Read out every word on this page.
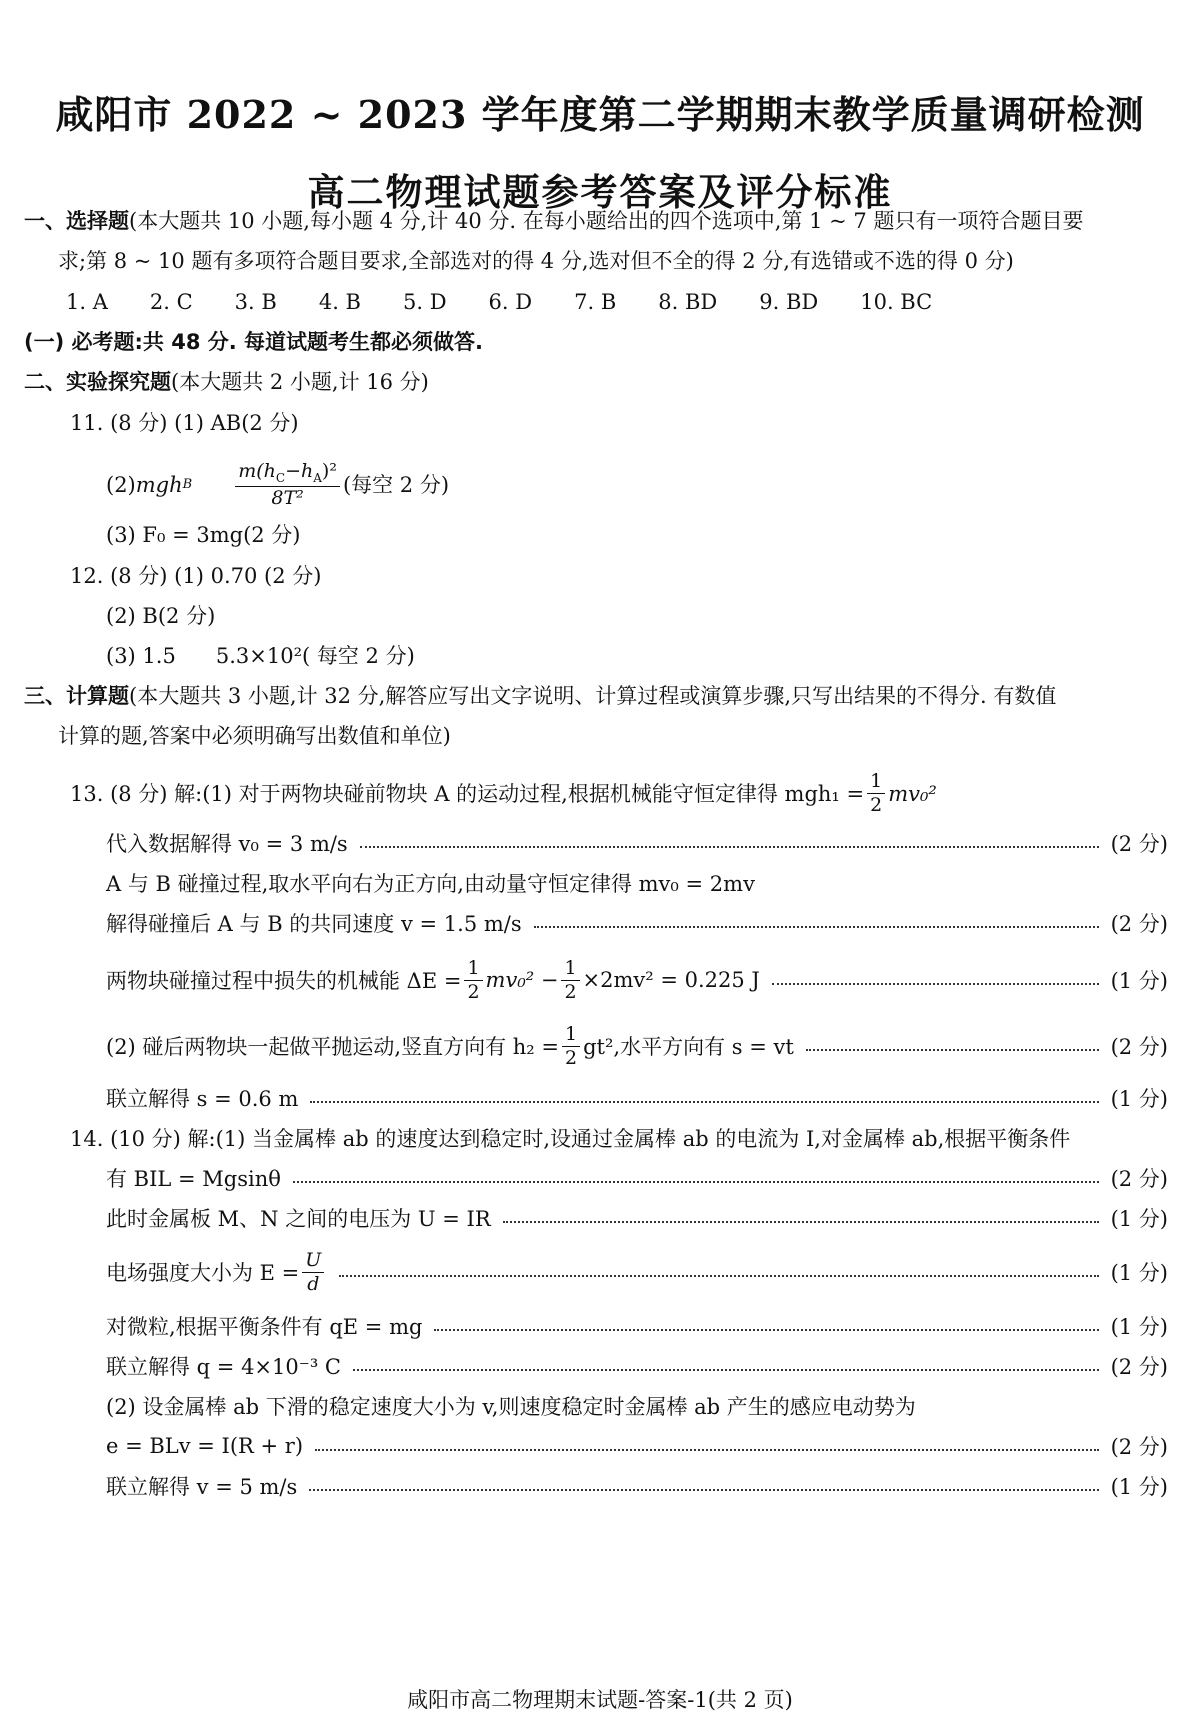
咸阳市 2022 ~ 2023 学年度第二学期期末教学质量调研检测
高二物理试题参考答案及评分标准
一、选择题(本大题共 10 小题,每小题 4 分,计 40 分. 在每小题给出的四个选项中,第 1 ~ 7 题只有一项符合题目要
求;第 8 ~ 10 题有多项符合题目要求,全部选对的得 4 分,选对但不全的得 2 分,有选错或不选的得 0 分)
1. A 2. C 3. B 4. B 5. D 6. D 7. B 8. BD 9. BD 10. BC
(一) 必考题:共 48 分. 每道试题考生都必须做答.
二、实验探究题(本大题共 2 小题,计 16 分)
11. (8 分) (1) AB(2 分)
(2) mgh B $\frac{m(h_C-h_A)^2}{\text{8T²}}$ (每空 2 分)
(3) F₀ = 3mg(2 分)
12. (8 分) (1) 0.70 (2 分)
(2) B(2 分)
(3) 1.5      5.3×10²( 每空 2 分)
三、计算题(本大题共 3 小题,计 32 分,解答应写出文字说明、计算过程或演算步骤,只写出结果的不得分. 有数值
计算的题,答案中必须明确写出数值和单位)
13. (8 分) 解:(1) 对于两物块碰前物块 A 的运动过程,根据机械能守恒定律得 $mgh_1 = \frac{1}{2} mv_0^2$
代入数据解得 v₀ = 3 m/s	(2 分)
A 与 B 碰撞过程,取水平向右为正方向,由动量守恒定律得 mv₀ = 2mv
解得碰撞后 A 与 B 的共同速度 v = 1.5 m/s	(2 分)
两物块碰撞过程中损失的机械能 $\Delta E = \frac{1}{2} mv_0^2 - \frac{1}{2} \times 2mv^2 = 0.225$ J	(1 分)
(2) 碰后两物块一起做平抛运动,竖直方向有 $h_2 = \frac{1}{2} gt^2$,水平方向有 s = vt	(2 分)
联立解得 s = 0.6 m	(1 分)
14. (10 分) 解:(1) 当金属棒 ab 的速度达到稳定时,设通过金属棒 ab 的电流为 I,对金属棒 ab,根据平衡条件
有 BIL = Mgsinθ	(2 分)
此时金属板 M、N 之间的电压为 U = IR	(1 分)
电场强度大小为 $E = \frac{U}{d}$	(1 分)
对微粒,根据平衡条件有 qE = mg	(1 分)
联立解得 q = 4×10⁻³ C	(2 分)
(2) 设金属棒 ab 下滑的稳定速度大小为 v,则速度稳定时金属棒 ab 产生的感应电动势为
e = BLv = I(R + r)	(2 分)
联立解得 v = 5 m/s	(1 分)
咸阳市高二物理期末试题-答案-1(共 2 页)
